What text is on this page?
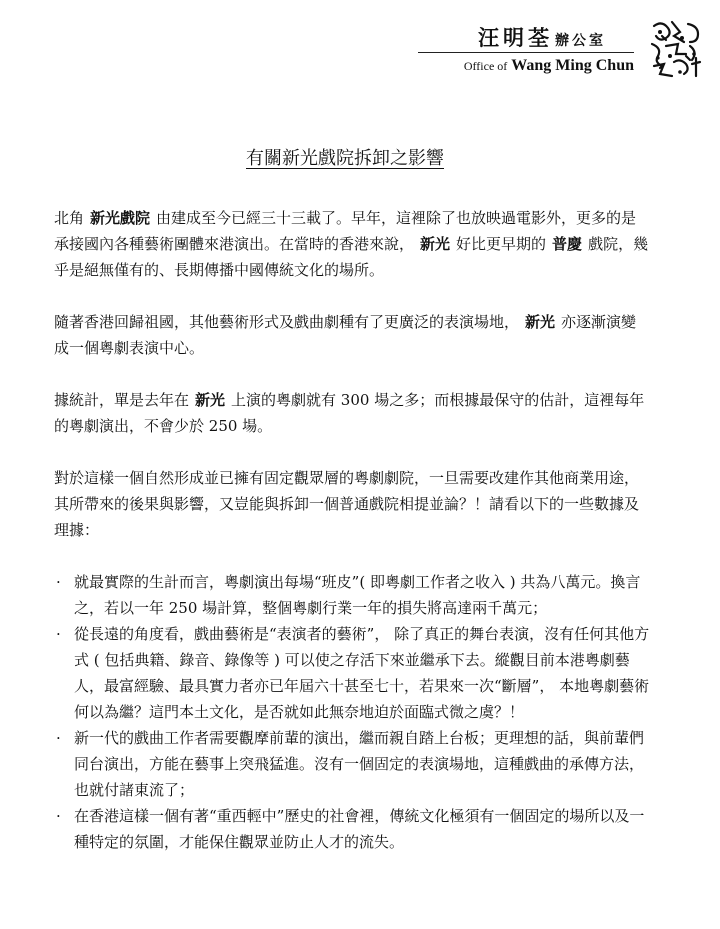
汪明荃 辦公室
Office of Wang Ming Chun
有關新光戲院拆卸之影響

北角 新光戲院 由建成至今已經三十三載了。早年，這裡除了也放映過電影外，更多的是承接國內各種藝術團體來港演出。在當時的香港來說， 新光 好比更早期的 普慶 戲院，幾乎是絕無僅有的、長期傳播中國傳統文化的場所。

隨著香港回歸祖國，其他藝術形式及戲曲劇種有了更廣泛的表演場地， 新光 亦逐漸演變成一個粵劇表演中心。

據統計，單是去年在 新光 上演的粵劇就有 300 場之多；而根據最保守的估計，這裡每年的粵劇演出，不會少於 250 場。

對於這樣一個自然形成並已擁有固定觀眾層的粵劇劇院，一旦需要改建作其他商業用途，其所帶來的後果與影響，又豈能與拆卸一個普通戲院相提並論？！請看以下的一些數據及理據：

· 就最實際的生計而言，粵劇演出每場“班皮”( 即粵劇工作者之收入 ) 共為八萬元。換言之，若以一年 250 場計算，整個粵劇行業一年的損失將高達兩千萬元；
· 從長遠的角度看，戲曲藝術是“表演者的藝術”， 除了真正的舞台表演，沒有任何其他方式 ( 包括典籍、錄音、錄像等 ) 可以使之存活下來並繼承下去。縱觀目前本港粵劇藝人，最富經驗、最具實力者亦已年屆六十甚至七十，若果來一次“斷層”， 本地粵劇藝術何以為繼？這門本土文化，是否就如此無奈地迫於面臨式微之虞？！
· 新一代的戲曲工作者需要觀摩前輩的演出，繼而親自踏上台板；更理想的話，與前輩們同台演出，方能在藝事上突飛猛進。沒有一個固定的表演場地，這種戲曲的承傳方法，也就付諸東流了；
· 在香港這樣一個有著“重西輕中”歷史的社會裡，傳統文化極須有一個固定的場所以及一種特定的氛圍，才能保住觀眾並防止人才的流失。
